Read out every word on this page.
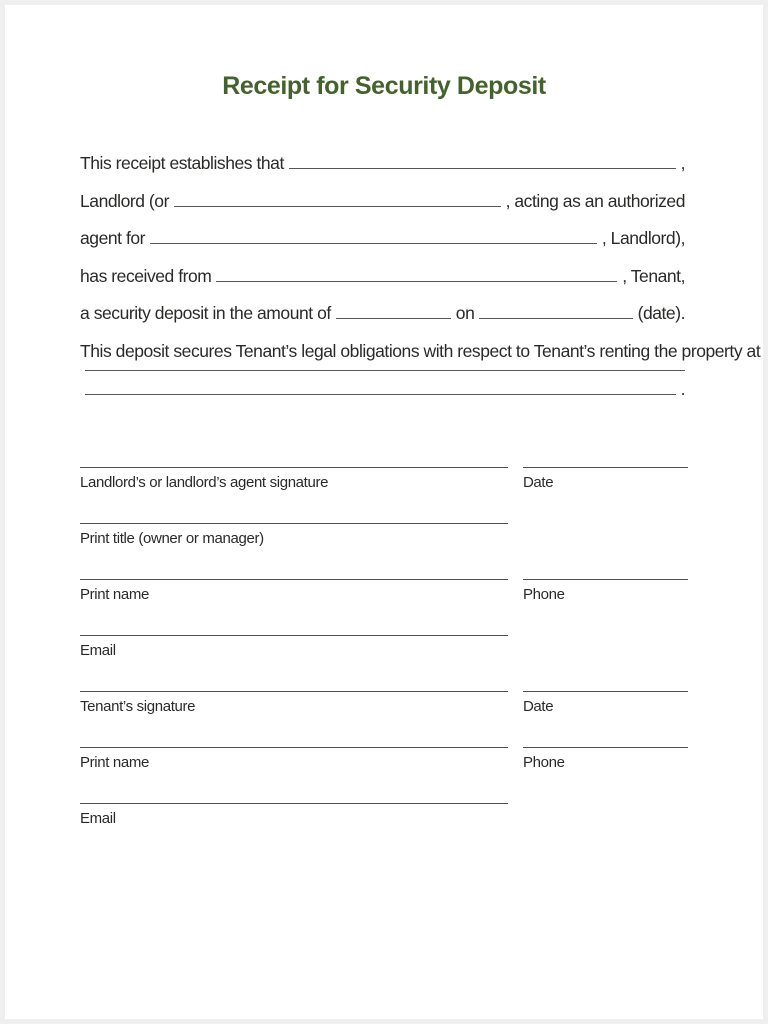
Receipt for Security Deposit
This receipt establishes that	,
Landlord (or	, acting as an authorized
agent for	, Landlord),
has received from	, Tenant,
a security deposit in the amount of	on	(date).
This deposit secures Tenant’s legal obligations with respect to Tenant’s renting the property at
.
Landlord’s or landlord’s agent signature	Date
Print title (owner or manager)
Print name	Phone
Email
Tenant’s signature	Date
Print name	Phone
Email
